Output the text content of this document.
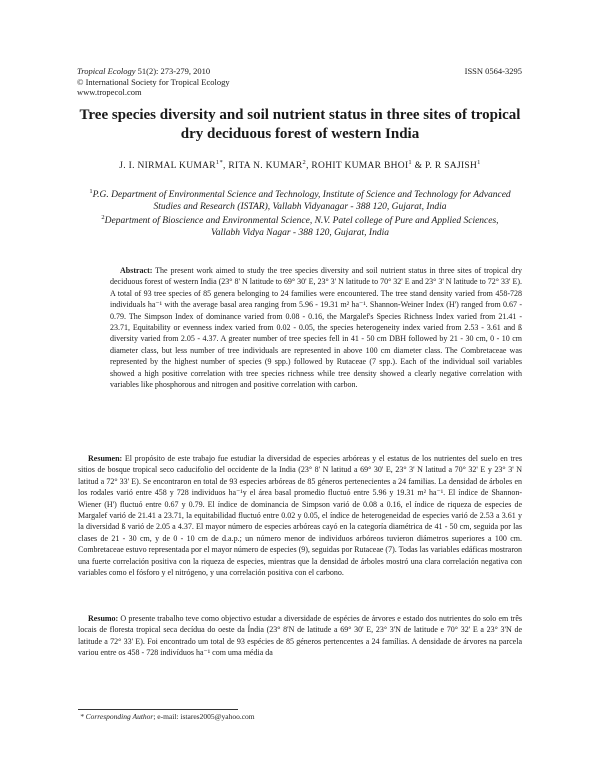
Tropical Ecology 51(2): 273-279, 2010
© International Society for Tropical Ecology
www.tropecol.com
ISSN 0564-3295
Tree species diversity and soil nutrient status in three sites of tropical dry deciduous forest of western India
J. I. NIRMAL $KUMAR^{1*}$, RITA N. KUMAR$^2$, ROHIT KUMAR BHOI$^1$ & P. R SAJISH$^1$

$^1$P.G. Department of Environmental Science and Technology, Institute of Science and Technology for Advanced Studies and Research (ISTAR), Vallabh Vidyanagar - 388 120, Gujarat, India

$^2$Department of Bioscience and Environmental Science, N.V. Patel college of Pure and Applied Sciences, Vallabh Vidya Nagar - 388 120, Gujarat, India

Abstract: The present work aimed to study the tree species diversity and soil nutrient status in three sites of tropical dry deciduous forest of western India (23° 8' N latitude to 69° 30' E, 23° 3' N latitude to 70° 32' E and 23° 3' N latitude to 72° 33' E). A total of 93 tree species of 85 genera belonging to 24 families were encountered. The tree stand density varied from 458-728 individuals ha⁻¹ with the average basal area ranging from 5.96 - 19.31 m² ha⁻¹. Shannon-Weiner Index (H') ranged from 0.67 - 0.79. The Simpson Index of dominance varied from 0.08 - 0.16, the Margalef's Species Richness Index varied from 21.41 - 23.71, Equitability or evenness index varied from 0.02 - 0.05, the species heterogeneity index varied from 2.53 - 3.61 and ß diversity varied from 2.05 - 4.37. A greater number of tree species fell in 41 - 50 cm DBH followed by 21 - 30 cm, 0 - 10 cm diameter class, but less number of tree individuals are represented in above 100 cm diameter class. The Combretaceae was represented by the highest number of species (9 spp.) followed by Rutaceae (7 spp.). Each of the individual soil variables showed a high positive correlation with tree species richness while tree density showed a clearly negative correlation with variables like phosphorous and nitrogen and positive correlation with carbon.

Resumen: El propósito de este trabajo fue estudiar la diversidad de especies arbóreas y el estatus de los nutrientes del suelo en tres sitios de bosque tropical seco caducifolio del occidente de la India (23° 8' N latitud a 69° 30' E, 23° 3' N latitud a 70° 32' E y 23° 3' N latitud a 72° 33' E). Se encontraron en total de 93 especies arbóreas de 85 géneros pertenecientes a 24 familias. La densidad de árboles en los rodales varió entre 458 y 728 individuos ha⁻¹y el área basal promedio fluctuó entre 5.96 y 19.31 m² ha⁻¹. El índice de Shannon-Wiener (H') fluctuó entre 0.67 y 0.79. El índice de dominancia de Simpson varió de 0.08 a 0.16, el índice de riqueza de especies de Margalef varió de 21.41 a 23.71, la equitabilidad fluctuó entre 0.02 y 0.05, el índice de heterogeneidad de especies varió de 2.53 a 3.61 y la diversidad ß varió de 2.05 a 4.37. El mayor número de especies arbóreas cayó en la categoría diamétrica de 41 - 50 cm, seguida por las clases de 21 - 30 cm, y de 0 - 10 cm de d.a.p.; un número menor de individuos arbóreos tuvieron diámetros superiores a 100 cm. Combretaceae estuvo representada por el mayor número de especies (9), seguidas por Rutaceae (7). Todas las variables edáficas mostraron una fuerte correlación positiva con la riqueza de especies, mientras que la densidad de árboles mostró una clara correlación negativa con variables como el fósforo y el nitrógeno, y una correlación positiva con el carbono.

Resumo: O presente trabalho teve como objectivo estudar a diversidade de espécies de árvores e estado dos nutrientes do solo em três locais de floresta tropical seca decídua do oeste da Índia (23° 8'N de latitude a 69° 30' E, 23° 3'N de latitude e 70° 32' E a 23° 3'N de latitude a 72° 33' E). Foi encontrado um total de 93 espécies de 85 géneros pertencentes a 24 famílias. A densidade de árvores na parcela variou entre os 458 - 728 indivíduos ha⁻¹ com uma média da

* Corresponding Author; e-mail: istares2005@yahoo.com
